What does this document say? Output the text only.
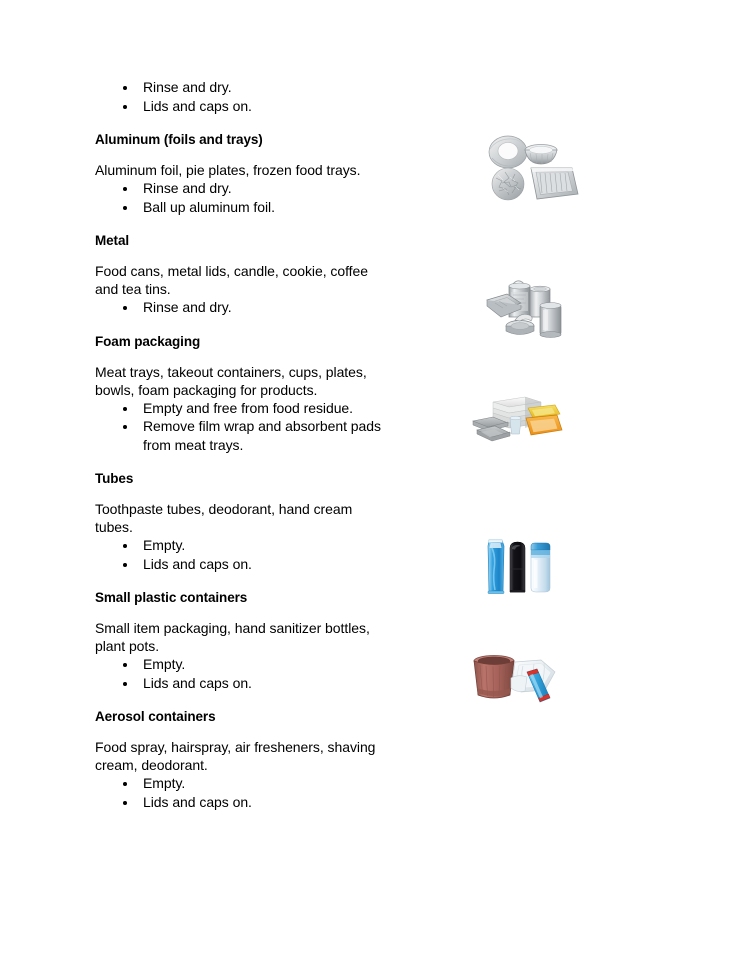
Rinse and dry.
Lids and caps on.

Aluminum (foils and trays)

Aluminum foil, pie plates, frozen food trays.

Rinse and dry.
Ball up aluminum foil.

Metal

Food cans, metal lids, candle, cookie, coffee and tea tins.

Rinse and dry.

Foam packaging

Meat trays, takeout containers, cups, plates, bowls, foam packaging for products.

Empty and free from food residue.
Remove film wrap and absorbent pads from meat trays.

Tubes

Toothpaste tubes, deodorant, hand cream tubes.

Empty.
Lids and caps on.

Small plastic containers

Small item packaging, hand sanitizer bottles, plant pots.

Empty.
Lids and caps on.

Aerosol containers

Food spray, hairspray, air fresheners, shaving cream, deodorant.

Empty.
Lids and caps on.
